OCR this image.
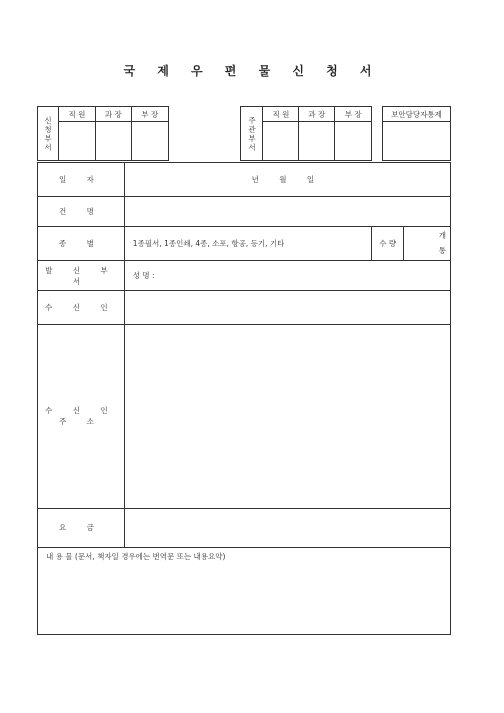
국 제 우 편 물 신 청 서
신청부서	직 원	과 장	부 장		주관부서	직 원	과 장	부 장		보안담당자통제

일 자	년 월 일		
건 명			
종 별	1종필서, 1종인쇄, 4종, 소포, 항공, 등기, 기타	수 량	개
통

발 신 부 서	성 명 :		
수 신 인			
수 신 인 주 소			
요 금			
내 용 물 (문서, 책자일 경우에는 번역문 또는 내용요약)			
